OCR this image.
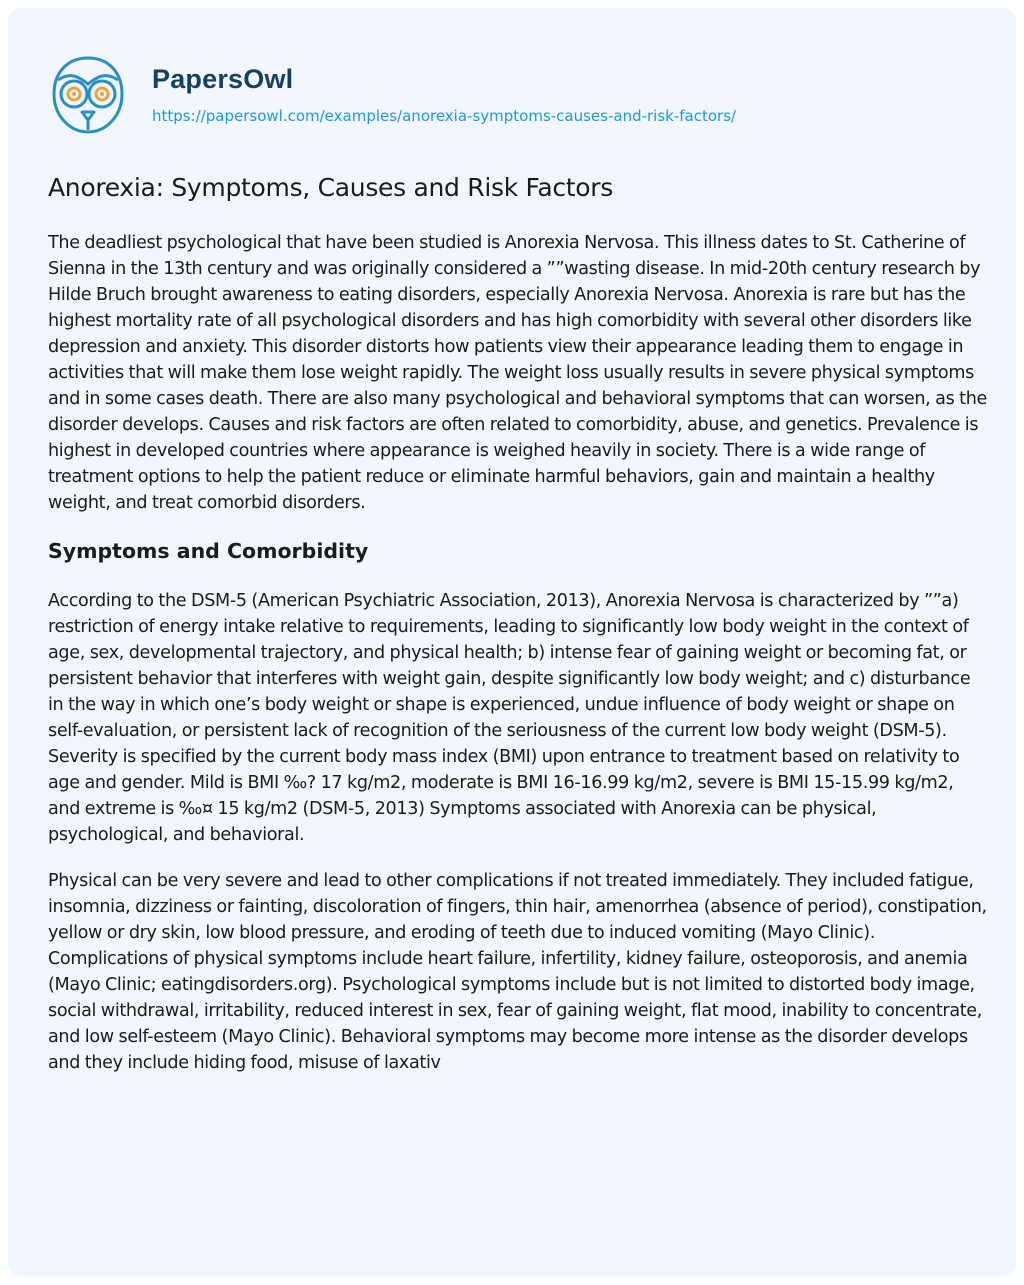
PapersOwl
https://papersowl.com/examples/anorexia-symptoms-causes-and-risk-factors/
Anorexia: Symptoms, Causes and Risk Factors

The deadliest psychological that have been studied is Anorexia Nervosa. This illness dates to St. Catherine of Sienna in the 13th century and was originally considered a ””wasting disease. In mid-20th century research by Hilde Bruch brought awareness to eating disorders, especially Anorexia Nervosa. Anorexia is rare but has the highest mortality rate of all psychological disorders and has high comorbidity with several other disorders like depression and anxiety. This disorder distorts how patients view their appearance leading them to engage in activities that will make them lose weight rapidly. The weight loss usually results in severe physical symptoms and in some cases death. There are also many psychological and behavioral symptoms that can worsen, as the disorder develops. Causes and risk factors are often related to comorbidity, abuse, and genetics. Prevalence is highest in developed countries where appearance is weighed heavily in society. There is a wide range of treatment options to help the patient reduce or eliminate harmful behaviors, gain and maintain a healthy weight, and treat comorbid disorders.

Symptoms and Comorbidity

According to the DSM-5 (American Psychiatric Association, 2013), Anorexia Nervosa is characterized by ””a) restriction of energy intake relative to requirements, leading to significantly low body weight in the context of age, sex, developmental trajectory, and physical health; b) intense fear of gaining weight or becoming fat, or persistent behavior that interferes with weight gain, despite significantly low body weight; and c) disturbance in the way in which one’s body weight or shape is experienced, undue influence of body weight or shape on self-evaluation, or persistent lack of recognition of the seriousness of the current low body weight (DSM-5). Severity is specified by the current body mass index (BMI) upon entrance to treatment based on relativity to age and gender. Mild is BMI ‰? 17 kg/m2, moderate is BMI 16-16.99 kg/m2, severe is BMI 15-15.99 kg/m2, and extreme is ‰¤ 15 kg/m2 (DSM-5, 2013) Symptoms associated with Anorexia can be physical, psychological, and behavioral.

Physical can be very severe and lead to other complications if not treated immediately. They included fatigue, insomnia, dizziness or fainting, discoloration of fingers, thin hair, amenorrhea (absence of period), constipation, yellow or dry skin, low blood pressure, and eroding of teeth due to induced vomiting (Mayo Clinic). Complications of physical symptoms include heart failure, infertility, kidney failure, osteoporosis, and anemia (Mayo Clinic; eatingdisorders.org). Psychological symptoms include but is not limited to distorted body image, social withdrawal, irritability, reduced interest in sex, fear of gaining weight, flat mood, inability to concentrate, and low self-esteem (Mayo Clinic). Behavioral symptoms may become more intense as the disorder develops and they include hiding food, misuse of laxativ
